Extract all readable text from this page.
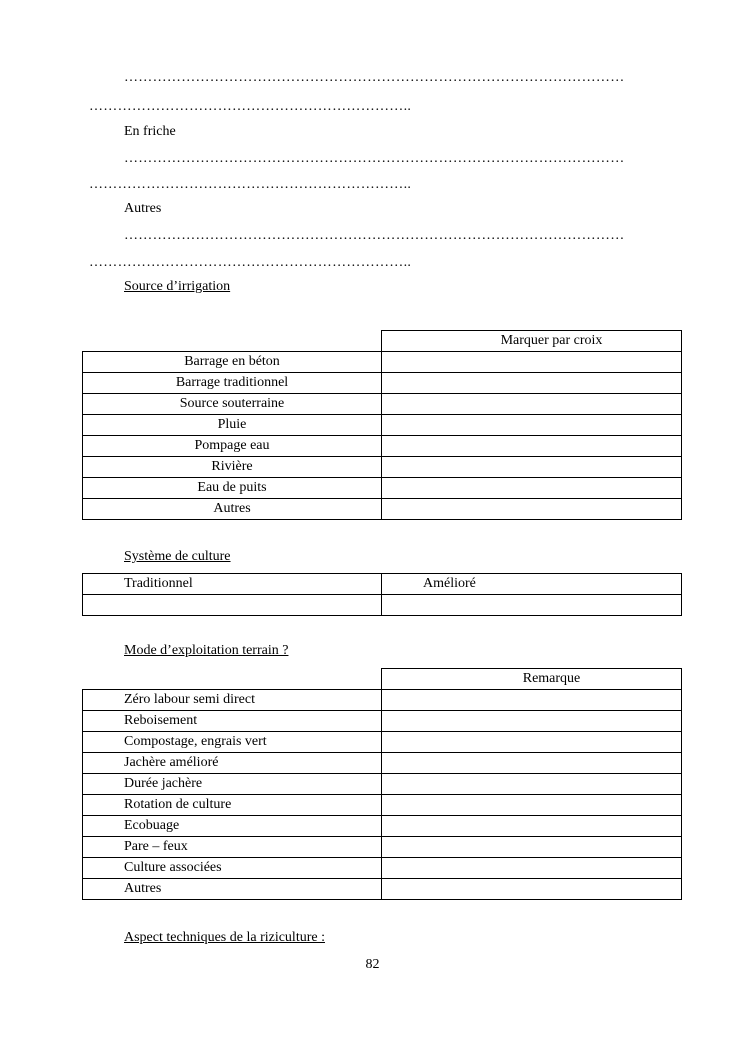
……………………………………………………………………………………………
…………………………………………………………..
En friche
……………………………………………………………………………………………
…………………………………………………………..
Autres
……………………………………………………………………………………………
…………………………………………………………..
Source d’irrigation
	Marquer par croix
Barrage en béton	
Barrage traditionnel	
Source souterraine	
Pluie	
Pompage eau	
Rivière	
Eau de puits	
Autres	
Système de culture
Traditionnel	Amélioré

Mode d’exploitation terrain ?
	Remarque
Zéro labour semi direct	
Reboisement	
Compostage, engrais vert	
Jachère amélioré	
Durée jachère	
Rotation de culture	
Ecobuage	
Pare – feux	
Culture associées	
Autres	
Aspect techniques de la riziculture :
82
